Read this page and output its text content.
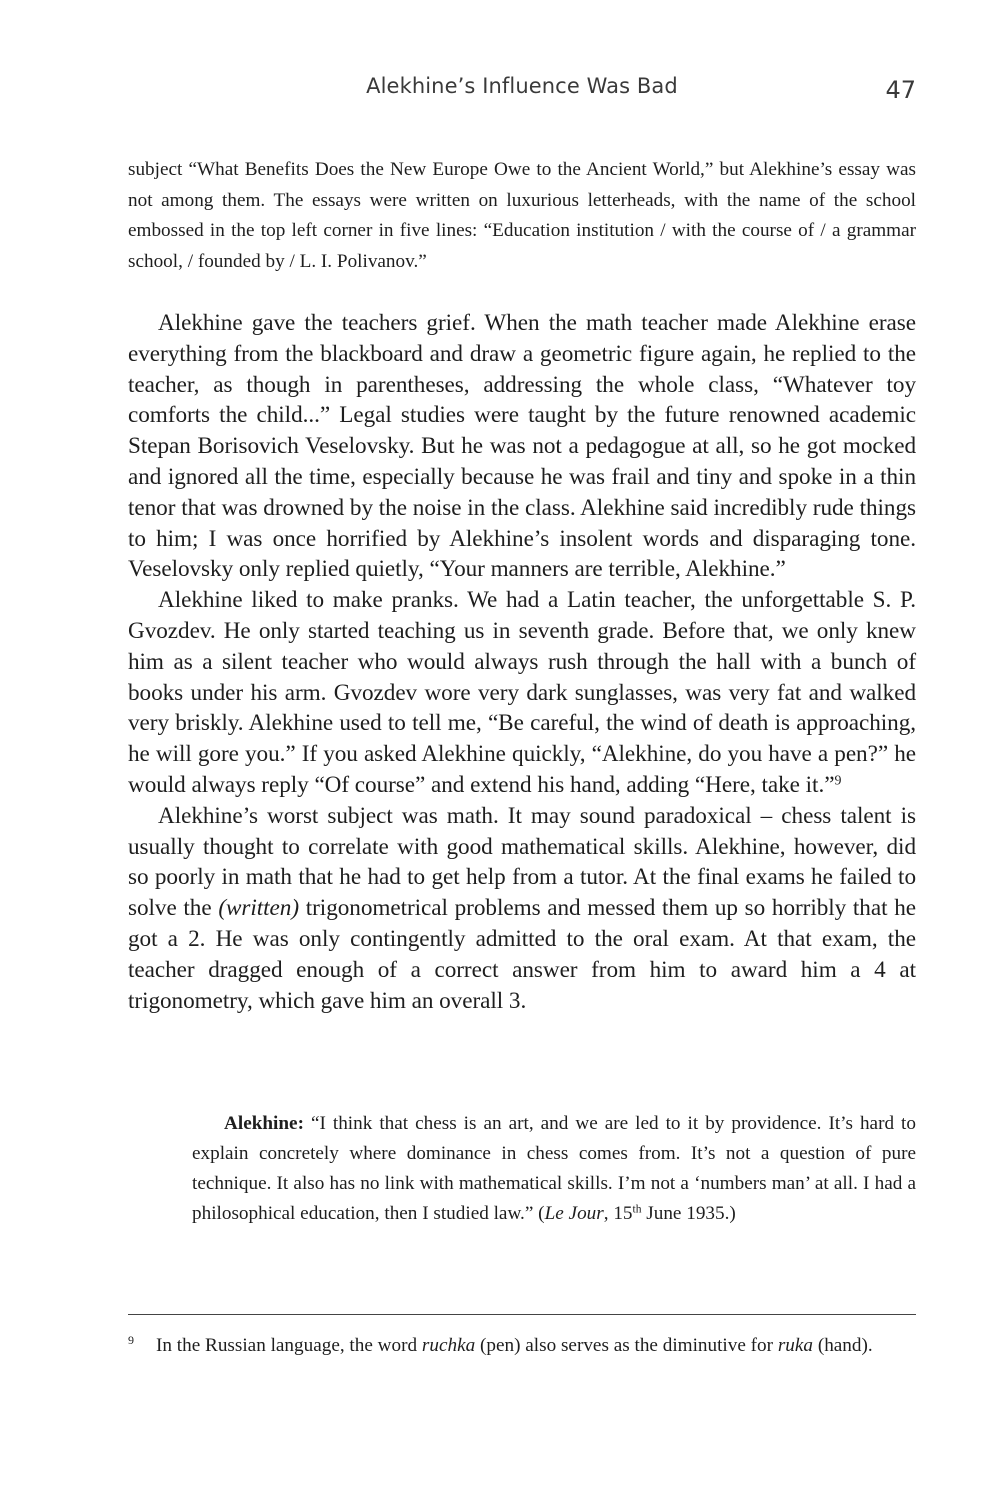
Alekhine’s Influence Was Bad	47

subject “What Benefits Does the New Europe Owe to the Ancient World,” but Alekhine’s essay was not among them. The essays were written on luxurious letterheads, with the name of the school embossed in the top left corner in five lines: “Education institution / with the course of / a grammar school, / founded by / L. I. Polivanov.”

Alekhine gave the teachers grief. When the math teacher made Alekhine erase everything from the blackboard and draw a geometric figure again, he replied to the teacher, as though in parentheses, addressing the whole class, “Whatever toy comforts the child...” Legal studies were taught by the future renowned academic Stepan Borisovich Veselovsky. But he was not a pedagogue at all, so he got mocked and ignored all the time, especially because he was frail and tiny and spoke in a thin tenor that was drowned by the noise in the class. Alekhine said incredibly rude things to him; I was once horrified by Alekhine’s insolent words and disparaging tone. Veselovsky only replied quietly, “Your manners are terrible, Alekhine.”

Alekhine liked to make pranks. We had a Latin teacher, the unforgettable S. P. Gvozdev. He only started teaching us in seventh grade. Before that, we only knew him as a silent teacher who would always rush through the hall with a bunch of books under his arm. Gvozdev wore very dark sunglasses, was very fat and walked very briskly. Alekhine used to tell me, “Be careful, the wind of death is approaching, he will gore you.” If you asked Alekhine quickly, “Alekhine, do you have a pen?” he would always reply “Of course” and extend his hand, adding “Here, take it.”$^9$

Alekhine’s worst subject was math. It may sound paradoxical – chess talent is usually thought to correlate with good mathematical skills. Alekhine, however, did so poorly in math that he had to get help from a tutor. At the final exams he failed to solve the (written) trigonometrical problems and messed them up so horribly that he got a 2. He was only contingently admitted to the oral exam. At that exam, the teacher dragged enough of a correct answer from him to award him a 4 at trigonometry, which gave him an overall 3.

Alekhine: “I think that chess is an art, and we are led to it by providence. It’s hard to explain concretely where dominance in chess comes from. It’s not a question of pure technique. It also has no link with mathematical skills. I’m not a ‘numbers man’ at all. I had a philosophical education, then I studied law.” (Le Jour, 15th June 1935.)

$^9$ In the Russian language, the word ruchka (pen) also serves as the diminutive for ruka (hand).
